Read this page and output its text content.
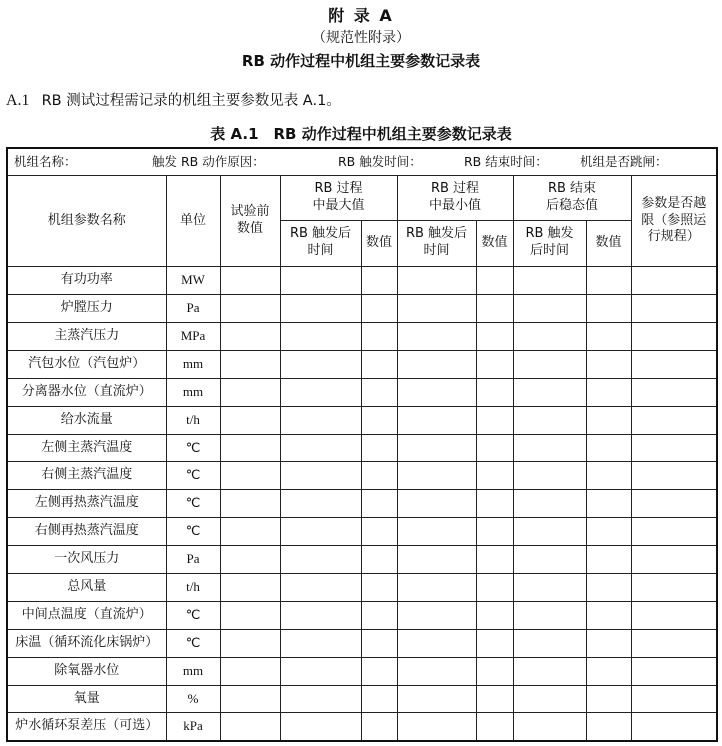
附 录 A
（规范性附录）
RB 动作过程中机组主要参数记录表
A.1 RB 测试过程需记录的机组主要参数见表 A.1。
表 A.1　RB 动作过程中机组主要参数记录表
机组名称： 触发 RB 动作原因： RB 触发时间： RB 结束时间： 机组是否跳闸：									
机组参数名称	单位	试验前数值	RB 过程中最大值		RB 过程中最小值		RB 结束后稳态值		参数是否越限（参照运行规程）
			RB 触发后时间	数值	RB 触发后时间	数值	RB 触发后时间	数值	
有功功率	MW								
炉膛压力	Pa								
主蒸汽压力	MPa								
汽包水位（汽包炉）	mm								
分离器水位（直流炉）	mm								
给水流量	t/h								
左侧主蒸汽温度	℃								
右侧主蒸汽温度	℃								
左侧再热蒸汽温度	℃								
右侧再热蒸汽温度	℃								
一次风压力	Pa								
总风量	t/h								
中间点温度（直流炉）	℃								
床温（循环流化床锅炉）	℃								
除氧器水位	mm								
氧量	%								
炉水循环泵差压（可选）	kPa								
